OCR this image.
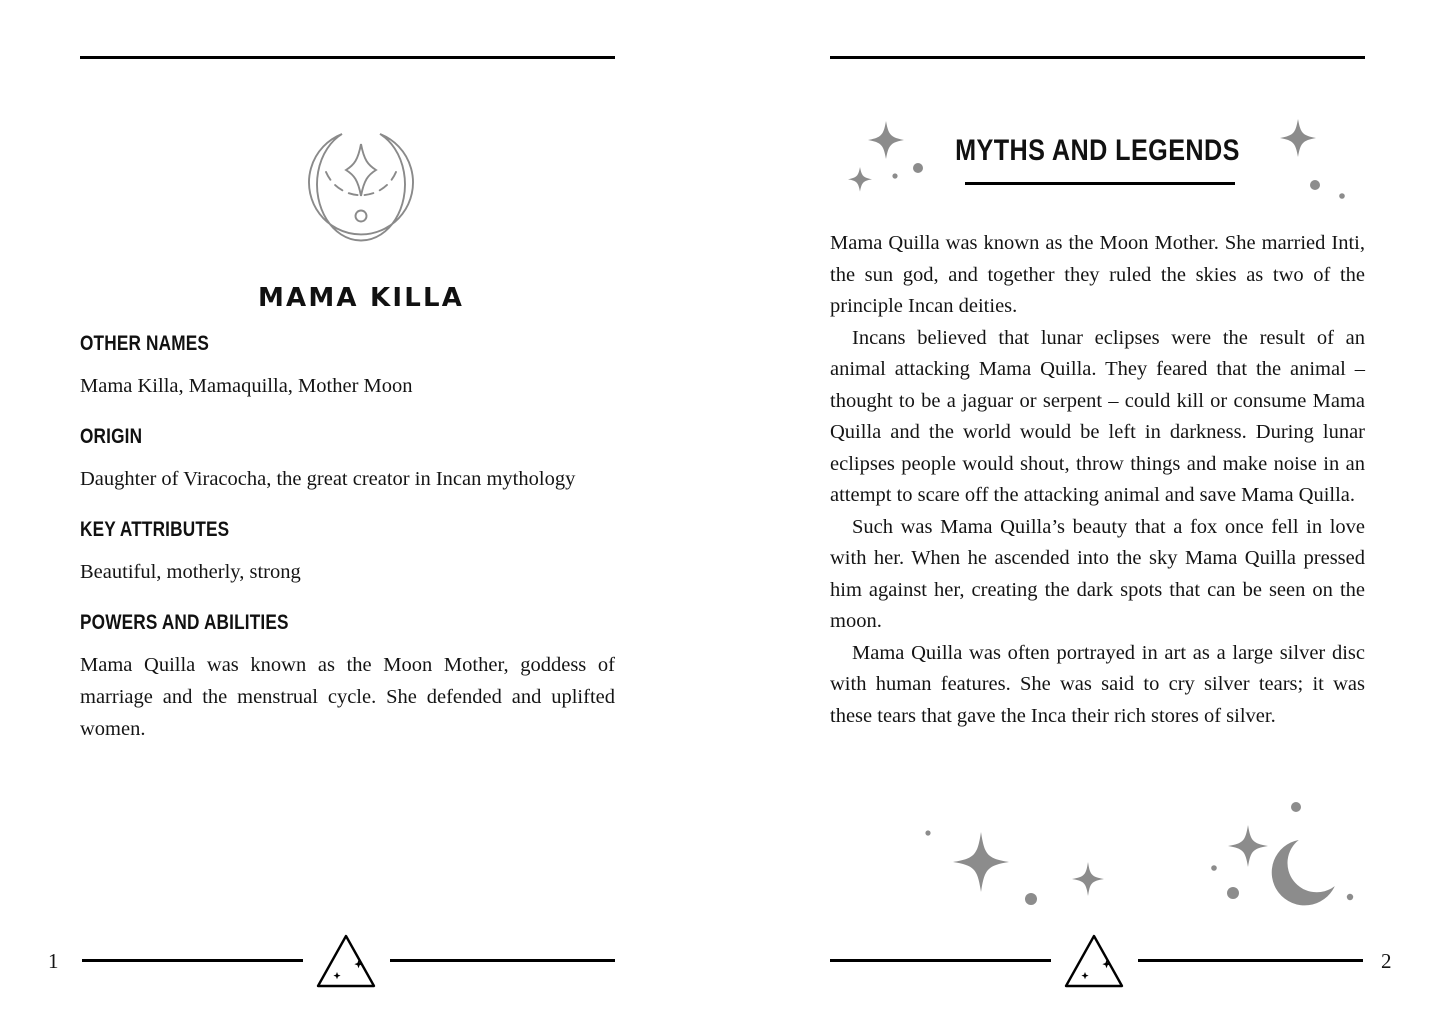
MAMA KILLA
OTHER NAMES
Mama Killa, Mamaquilla, Mother Moon
ORIGIN
Daughter of Viracocha, the great creator in Incan mythology
KEY ATTRIBUTES
Beautiful, motherly, strong
POWERS AND ABILITIES
Mama Quilla was known as the Moon Mother, goddess of marriage and the menstrual cycle. She defended and uplifted women.
1
MYTHS AND LEGENDS

Mama Quilla was known as the Moon Mother. She married Inti, the sun god, and together they ruled the skies as two of the principle Incan deities.

Incans believed that lunar eclipses were the result of an animal attacking Mama Quilla. They feared that the animal – thought to be a jaguar or serpent – could kill or consume Mama Quilla and the world would be left in darkness. During lunar eclipses people would shout, throw things and make noise in an attempt to scare off the attacking animal and save Mama Quilla.

Such was Mama Quilla’s beauty that a fox once fell in love with her. When he ascended into the sky Mama Quilla pressed him against her, creating the dark spots that can be seen on the moon.

Mama Quilla was often portrayed in art as a large silver disc with human features. She was said to cry silver tears; it was these tears that gave the Inca their rich stores of silver.

2
